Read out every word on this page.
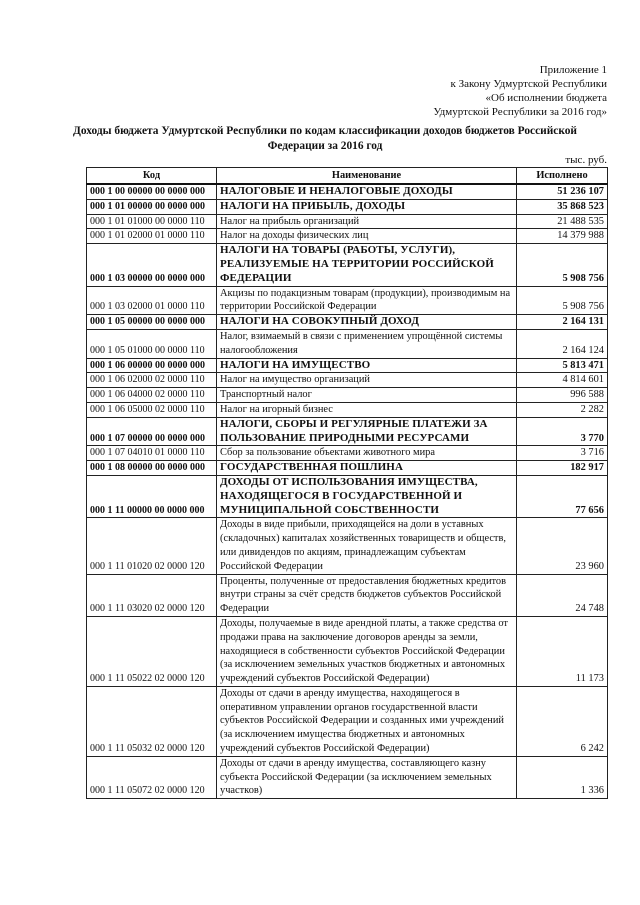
Приложение 1
к Закону Удмуртской Республики
«Об исполнении бюджета
Удмуртской Республики за 2016 год»
Доходы бюджета Удмуртской Республики по кодам классификации доходов бюджетов Российской Федерации за 2016 год
тыс. руб.
Код	Наименование	Исполнено
000 1 00 00000 00 0000 000	НАЛОГОВЫЕ И НЕНАЛОГОВЫЕ ДОХОДЫ	51 236 107
000 1 01 00000 00 0000 000	НАЛОГИ НА ПРИБЫЛЬ, ДОХОДЫ	35 868 523
000 1 01 01000 00 0000 110	Налог на прибыль организаций	21 488 535
000 1 01 02000 01 0000 110	Налог на доходы физических лиц	14 379 988
000 1 03 00000 00 0000 000	НАЛОГИ НА ТОВАРЫ (РАБОТЫ, УСЛУГИ), РЕАЛИЗУЕМЫЕ НА ТЕРРИТОРИИ РОССИЙСКОЙ ФЕДЕРАЦИИ	5 908 756
000 1 03 02000 01 0000 110	Акцизы по подакцизным товарам (продукции), производимым на территории Российской Федерации	5 908 756
000 1 05 00000 00 0000 000	НАЛОГИ НА СОВОКУПНЫЙ ДОХОД	2 164 131
000 1 05 01000 00 0000 110	Налог, взимаемый в связи с применением упрощённой системы налогообложения	2 164 124
000 1 06 00000 00 0000 000	НАЛОГИ НА ИМУЩЕСТВО	5 813 471
000 1 06 02000 02 0000 110	Налог на имущество организаций	4 814 601
000 1 06 04000 02 0000 110	Транспортный налог	996 588
000 1 06 05000 02 0000 110	Налог на игорный бизнес	2 282
000 1 07 00000 00 0000 000	НАЛОГИ, СБОРЫ И РЕГУЛЯРНЫЕ ПЛАТЕЖИ ЗА ПОЛЬЗОВАНИЕ ПРИРОДНЫМИ РЕСУРСАМИ	3 770
000 1 07 04010 01 0000 110	Сбор за пользование объектами животного мира	3 716
000 1 08 00000 00 0000 000	ГОСУДАРСТВЕННАЯ ПОШЛИНА	182 917
000 1 11 00000 00 0000 000	ДОХОДЫ ОТ ИСПОЛЬЗОВАНИЯ ИМУЩЕСТВА, НАХОДЯЩЕГОСЯ В ГОСУДАРСТВЕННОЙ И МУНИЦИПАЛЬНОЙ СОБСТВЕННОСТИ	77 656
000 1 11 01020 02 0000 120	Доходы в виде прибыли, приходящейся на доли в уставных (складочных) капиталах хозяйственных товариществ и обществ, или дивидендов по акциям, принадлежащим субъектам Российской Федерации	23 960
000 1 11 03020 02 0000 120	Проценты, полученные от предоставления бюджетных кредитов внутри страны за счёт средств бюджетов субъектов Российской Федерации	24 748
000 1 11 05022 02 0000 120	Доходы, получаемые в виде арендной платы, а также средства от продажи права на заключение договоров аренды за земли, находящиеся в собственности субъектов Российской Федерации (за исключением земельных участков бюджетных и автономных учреждений субъектов Российской Федерации)	11 173
000 1 11 05032 02 0000 120	Доходы от сдачи в аренду имущества, находящегося в оперативном управлении органов государственной власти субъектов Российской Федерации и созданных ими учреждений (за исключением имущества бюджетных и автономных учреждений субъектов Российской Федерации)	6 242
000 1 11 05072 02 0000 120	Доходы от сдачи в аренду имущества, составляющего казну субъекта Российской Федерации (за исключением земельных участков)	1 336
